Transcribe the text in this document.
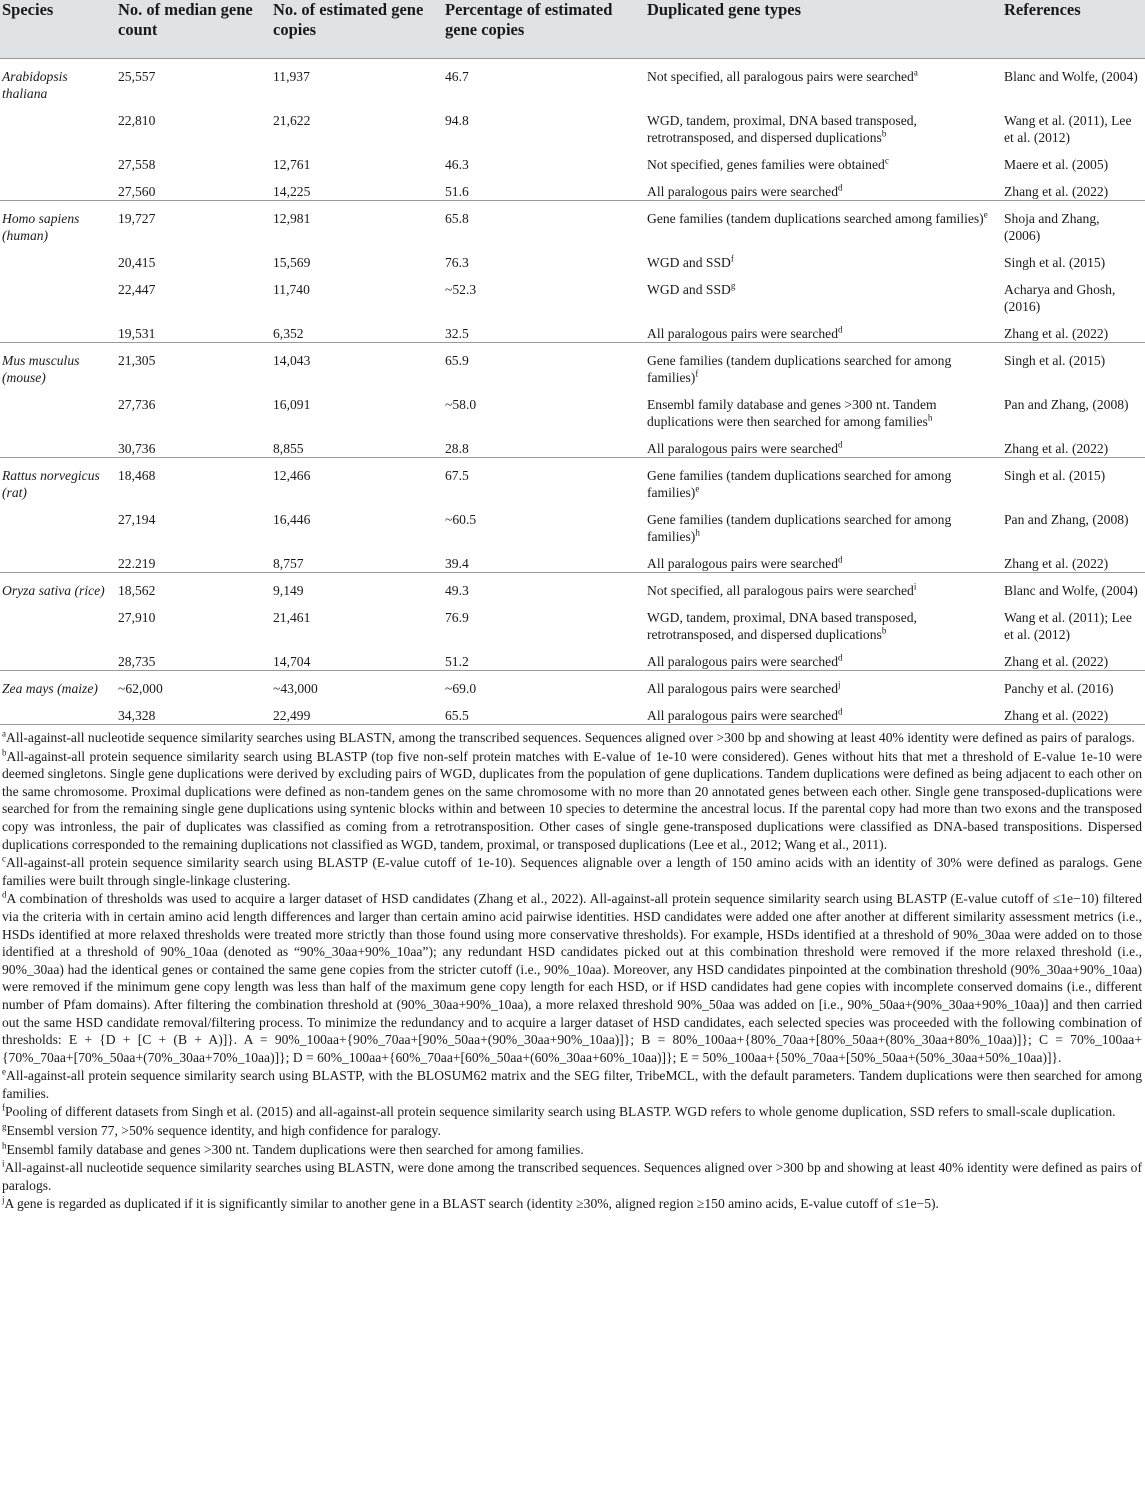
Species	No. of median gene count	No. of estimated gene copies	Percentage of estimated gene copies	Duplicated gene types	References
Arabidopsis thaliana	25,557	11,937	46.7	Not specified, all paralogous pairs were searched$^a$	Blanc and Wolfe, (2004)
	22,810	21,622	94.8	WGD, tandem, proximal, DNA based transposed, retrotransposed, and dispersed duplications$^b$	Wang et al. (2011), Lee et al. (2012)
	27,558	12,761	46.3	Not specified, genes families were obtained$^c$	Maere et al. (2005)
	27,560	14,225	51.6	All paralogous pairs were searched$^d$	Zhang et al. (2022)
Homo sapiens (human)	19,727	12,981	65.8	Gene families (tandem duplications searched among families)$^e$	Shoja and Zhang, (2006)
	20,415	15,569	76.3	WGD and SSD$^f$	Singh et al. (2015)
	22,447	11,740	~52.3	WGD and SSD$^g$	Acharya and Ghosh, (2016)
	19,531	6,352	32.5	All paralogous pairs were searched$^d$	Zhang et al. (2022)
Mus musculus (mouse)	21,305	14,043	65.9	Gene families (tandem duplications searched for among families)$^f$	Singh et al. (2015)
	27,736	16,091	~58.0	Ensembl family database and genes >300 nt. Tandem duplications were then searched for among families$^h$	Pan and Zhang, (2008)
	30,736	8,855	28.8	All paralogous pairs were searched$^d$	Zhang et al. (2022)
Rattus norvegicus (rat)	18,468	12,466	67.5	Gene families (tandem duplications searched for among families)$^e$	Singh et al. (2015)
	27,194	16,446	~60.5	Gene families (tandem duplications searched for among families)$^h$	Pan and Zhang, (2008)
	22.219	8,757	39.4	All paralogous pairs were searched$^d$	Zhang et al. (2022)
Oryza sativa (rice)	18,562	9,149	49.3	Not specified, all paralogous pairs were searched$^i$	Blanc and Wolfe, (2004)
	27,910	21,461	76.9	WGD, tandem, proximal, DNA based transposed, retrotransposed, and dispersed duplications$^b$	Wang et al. (2011); Lee et al. (2012)
	28,735	14,704	51.2	All paralogous pairs were searched$^d$	Zhang et al. (2022)
Zea mays (maize)	~62,000	~43,000	~69.0	All paralogous pairs were searched$^j$	Panchy et al. (2016)
	34,328	22,499	65.5	All paralogous pairs were searched$^d$	Zhang et al. (2022)

$^a$All-against-all nucleotide sequence similarity searches using BLASTN, among the transcribed sequences. Sequences aligned over >300 bp and showing at least 40% identity were defined as pairs of paralogs.

$^b$All-against-all protein sequence similarity search using BLASTP (top five non-self protein matches with E-value of 1e-10 were considered). Genes without hits that met a threshold of E-value 1e-10 were deemed singletons. Single gene duplications were derived by excluding pairs of WGD, duplicates from the population of gene duplications. Tandem duplications were defined as being adjacent to each other on the same chromosome. Proximal duplications were defined as non-tandem genes on the same chromosome with no more than 20 annotated genes between each other. Single gene transposed-duplications were searched for from the remaining single gene duplications using syntenic blocks within and between 10 species to determine the ancestral locus. If the parental copy had more than two exons and the transposed copy was intronless, the pair of duplicates was classified as coming from a retrotransposition. Other cases of single gene-transposed duplications were classified as DNA-based transpositions. Dispersed duplications corresponded to the remaining duplications not classified as WGD, tandem, proximal, or transposed duplications (Lee et al., 2012; Wang et al., 2011).

$^c$All-against-all protein sequence similarity search using BLASTP (E-value cutoff of 1e-10). Sequences alignable over a length of 150 amino acids with an identity of 30% were defined as paralogs. Gene families were built through single-linkage clustering.

$^d$A combination of thresholds was used to acquire a larger dataset of HSD candidates (Zhang et al., 2022). All-against-all protein sequence similarity search using BLASTP (E-value cutoff of ≤1e−10) filtered via the criteria with in certain amino acid length differences and larger than certain amino acid pairwise identities. HSD candidates were added one after another at different similarity assessment metrics (i.e., HSDs identified at more relaxed thresholds were treated more strictly than those found using more conservative thresholds). For example, HSDs identified at a threshold of 90%_30aa were added on to those identified at a threshold of 90%_10aa (denoted as “90%_30aa+90%_10aa”); any redundant HSD candidates picked out at this combination threshold were removed if the more relaxed threshold (i.e., 90%_30aa) had the identical genes or contained the same gene copies from the stricter cutoff (i.e., 90%_10aa). Moreover, any HSD candidates pinpointed at the combination threshold (90%_30aa+90%_10aa) were removed if the minimum gene copy length was less than half of the maximum gene copy length for each HSD, or if HSD candidates had gene copies with incomplete conserved domains (i.e., different number of Pfam domains). After filtering the combination threshold at (90%_30aa+90%_10aa), a more relaxed threshold 90%_50aa was added on [i.e., 90%_50aa+(90%_30aa+90%_10aa)] and then carried out the same HSD candidate removal/filtering process. To minimize the redundancy and to acquire a larger dataset of HSD candidates, each selected species was proceeded with the following combination of thresholds: E + {D + [C + (B + A)]}. A = 90%_100aa+{90%_70aa+[90%_50aa+(90%_30aa+90%_10aa)]}; B = 80%_100aa+{80%_70aa+[80%_50aa+(80%_30aa+80%_10aa)]}; C = 70%_100aa+{70%_70aa+[70%_50aa+(70%_30aa+70%_10aa)]}; D = 60%_100aa+{60%_70aa+[60%_50aa+(60%_30aa+60%_10aa)]}; E = 50%_100aa+{50%_70aa+[50%_50aa+(50%_30aa+50%_10aa)]}.

$^e$All-against-all protein sequence similarity search using BLASTP, with the BLOSUM62 matrix and the SEG filter, TribeMCL, with the default parameters. Tandem duplications were then searched for among families.

$^f$Pooling of different datasets from Singh et al. (2015) and all-against-all protein sequence similarity search using BLASTP. WGD refers to whole genome duplication, SSD refers to small-scale duplication.

$^g$Ensembl version 77, >50% sequence identity, and high confidence for paralogy.

$^h$Ensembl family database and genes >300 nt. Tandem duplications were then searched for among families.

$^i$All-against-all nucleotide sequence similarity searches using BLASTN, were done among the transcribed sequences. Sequences aligned over >300 bp and showing at least 40% identity were defined as pairs of paralogs.

$^j$A gene is regarded as duplicated if it is significantly similar to another gene in a BLAST search (identity ≥30%, aligned region ≥150 amino acids, E-value cutoff of ≤1e−5).
